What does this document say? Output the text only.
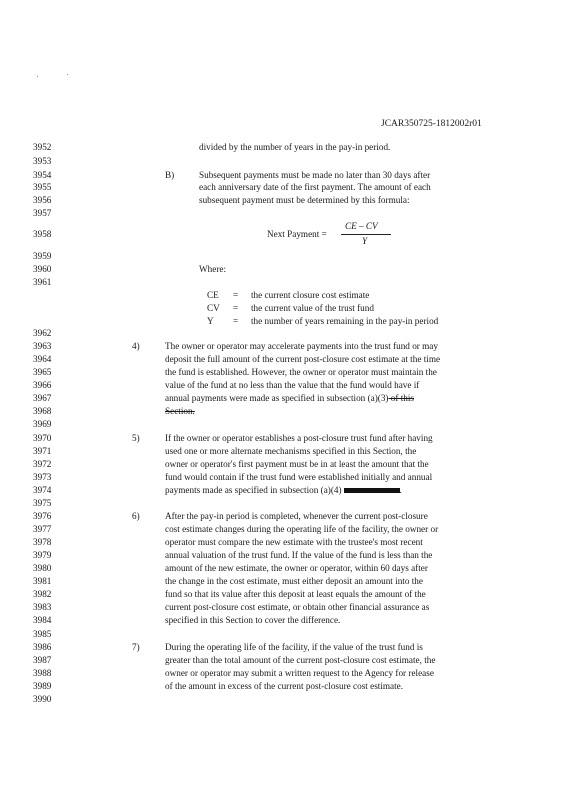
JCAR350725-1812002r01
3952
3953
3954
3955
3956
3957
3958
3959
3960
3961
3962
3963
3964
3965
3966
3967
3968
3969
3970
3971
3972
3973
3974
3975
3976
3977
3978
3979
3980
3981
3982
3983
3984
3985
3986
3987
3988
3989
3990
divided by the number of years in the pay-in period.
B)	Subsequent payments must be made no later than 30 days after
each anniversary date of the first payment. The amount of each
subsequent payment must be determined by this formula:
Next Payment =
CE – CV
Y
Where:
CE = the current closure cost estimate
CV = the current value of the trust fund
Y = the number of years remaining in the pay-in period
4)	The owner or operator may accelerate payments into the trust fund or may
deposit the full amount of the current post-closure cost estimate at the time
the fund is established. However, the owner or operator must maintain the
value of the fund at no less than the value that the fund would have if
annual payments were made as specified in subsection (a)(3) of this
Section.
5)	If the owner or operator establishes a post-closure trust fund after having
used one or more alternate mechanisms specified in this Section, the
owner or operator's first payment must be in at least the amount that the
fund would contain if the trust fund were established initially and annual
payments made as specified in subsection (a)(4)	.
6)	After the pay-in period is completed, whenever the current post-closure
cost estimate changes during the operating life of the facility, the owner or
operator must compare the new estimate with the trustee's most recent
annual valuation of the trust fund. If the value of the fund is less than the
amount of the new estimate, the owner or operator, within 60 days after
the change in the cost estimate, must either deposit an amount into the
fund so that its value after this deposit at least equals the amount of the
current post-closure cost estimate, or obtain other financial assurance as
specified in this Section to cover the difference.
7)	During the operating life of the facility, if the value of the trust fund is
greater than the total amount of the current post-closure cost estimate, the
owner or operator may submit a written request to the Agency for release
of the amount in excess of the current post-closure cost estimate.
